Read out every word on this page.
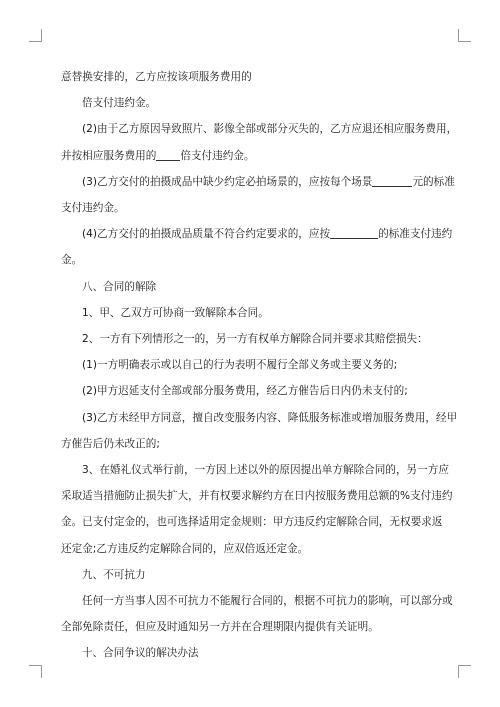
意替换安排的，乙方应按该项服务费用的

倍支付违约金。

(2)由于乙方原因导致照片、影像全部或部分灭失的，乙方应退还相应服务费用，

并按相应服务费用的 倍支付违约金。

(3)乙方交付的拍摄成品中缺少约定必拍场景的，应按每个场景	元的标准

支付违约金。

(4)乙方交付的拍摄成品质量不符合约定要求的，应按	的标准支付违约

金。

八、合同的解除

1、甲、乙双方可协商一致解除本合同。

2、一方有下列情形之一的，另一方有权单方解除合同并要求其赔偿损失：

(1)一方明确表示或以自己的行为表明不履行全部义务或主要义务的;

(2)甲方迟延支付全部或部分服务费用，经乙方催告后日内仍未支付的;

(3)乙方未经甲方同意，擅自改变服务内容、降低服务标准或增加服务费用，经甲

方催告后仍未改正的;

3、在婚礼仪式举行前，一方因上述以外的原因提出单方解除合同的，另一方应

采取适当措施防止损失扩大，并有权要求解约方在日内按服务费用总额的%支付违约

金。已支付定金的，也可选择适用定金规则：甲方违反约定解除合同，无权要求返

还定金;乙方违反约定解除合同的，应双倍返还定金。

九、不可抗力

任何一方当事人因不可抗力不能履行合同的，根据不可抗力的影响，可以部分或

全部免除责任，但应及时通知另一方并在合理期限内提供有关证明。

十、合同争议的解决办法
